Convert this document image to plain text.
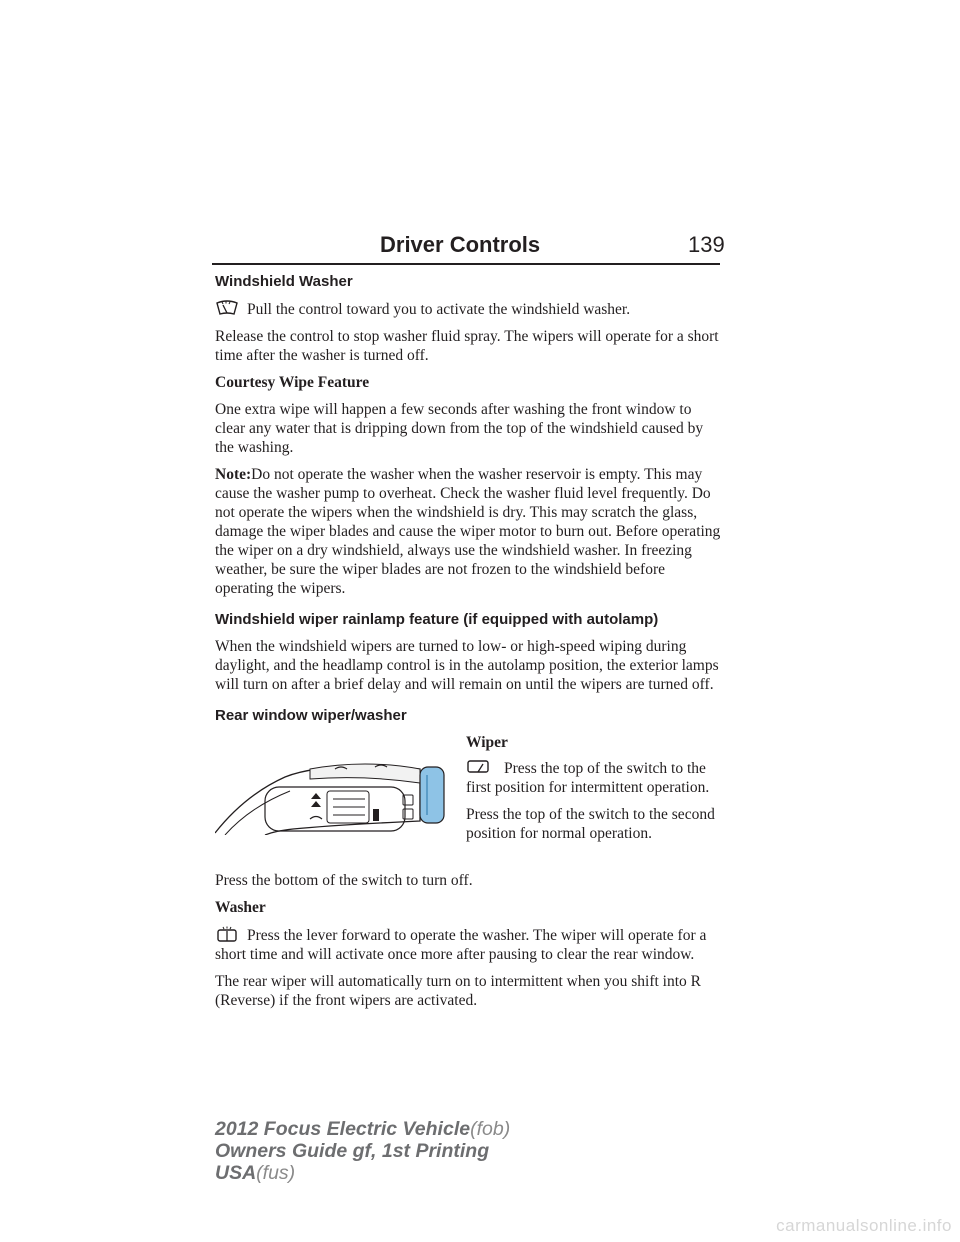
Driver Controls	139
Windshield Washer

Pull the control toward you to activate the windshield washer.

Release the control to stop washer fluid spray. The wipers will operate for a short time after the washer is turned off.

Courtesy Wipe Feature

One extra wipe will happen a few seconds after washing the front window to clear any water that is dripping down from the top of the windshield caused by the washing.

Note:Do not operate the washer when the washer reservoir is empty. This may cause the washer pump to overheat. Check the washer fluid level frequently. Do not operate the wipers when the windshield is dry. This may scratch the glass, damage the wiper blades and cause the wiper motor to burn out. Before operating the wiper on a dry windshield, always use the windshield washer. In freezing weather, be sure the wiper blades are not frozen to the windshield before operating the wipers.

Windshield wiper rainlamp feature (if equipped with autolamp)

When the windshield wipers are turned to low- or high-speed wiping during daylight, and the headlamp control is in the autolamp position, the exterior lamps will turn on after a brief delay and will remain on until the wipers are turned off.

Rear window wiper/washer
Wiper

Press the top of the switch to the first position for intermittent operation.

Press the top of the switch to the second position for normal operation.

Press the bottom of the switch to turn off.

Washer

Press the lever forward to operate the washer. The wiper will operate for a short time and will activate once more after pausing to clear the rear window.

The rear wiper will automatically turn on to intermittent when you shift into R (Reverse) if the front wipers are activated.

2012 Focus Electric Vehicle(fob)
Owners Guide gf, 1st Printing
USA(fus)
carmanualsonline.info
